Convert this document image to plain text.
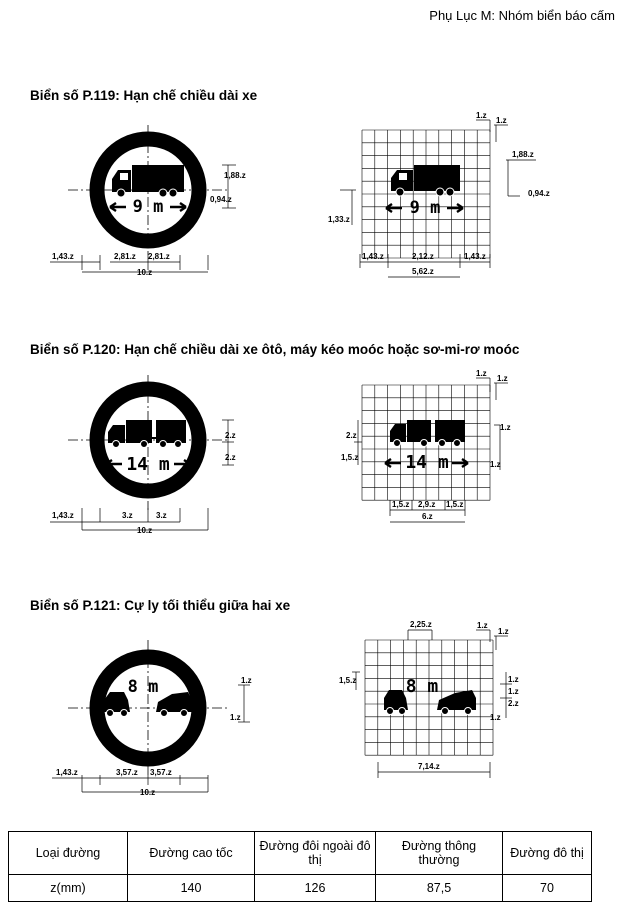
Phụ Lục M: Nhóm biển báo cấm
Biển số P.119: Hạn chế chiều dài xe
9 m
1,43.z	2,81.z 2,81.z
10.z
1,88.z
0,94.z	9 m
1.z
1.z
1,88.z
0,94.z
1,33.z
1,43.z	2,12.z	1,43.z
5,62.z
Biển số P.120: Hạn chế chiều dài xe ôtô, máy kéo moóc hoặc sơ-mi-rơ moóc
14 m
1,43.z	3.z	3.z
10.z
2.z
2.z	14 m
1.z
1.z
1.z
1.z
2.z
1,5.z
1,5.z 2,9.z 1,5.z
6.z
Biển số P.121: Cự ly tối thiểu giữa hai xe
8 m
1,43.z	3,57.z 3,57.z
10.z
1.z
1.z
8 m
2,25.z	1.z
1.z
1,5.z	1.z
1.z
2.z
1.z
7,14.z
Loại đường	Đường cao tốc	Đường đôi ngoài đô thị	Đường thông thường	Đường đô thị
z(mm)	140	126	87,5	70
